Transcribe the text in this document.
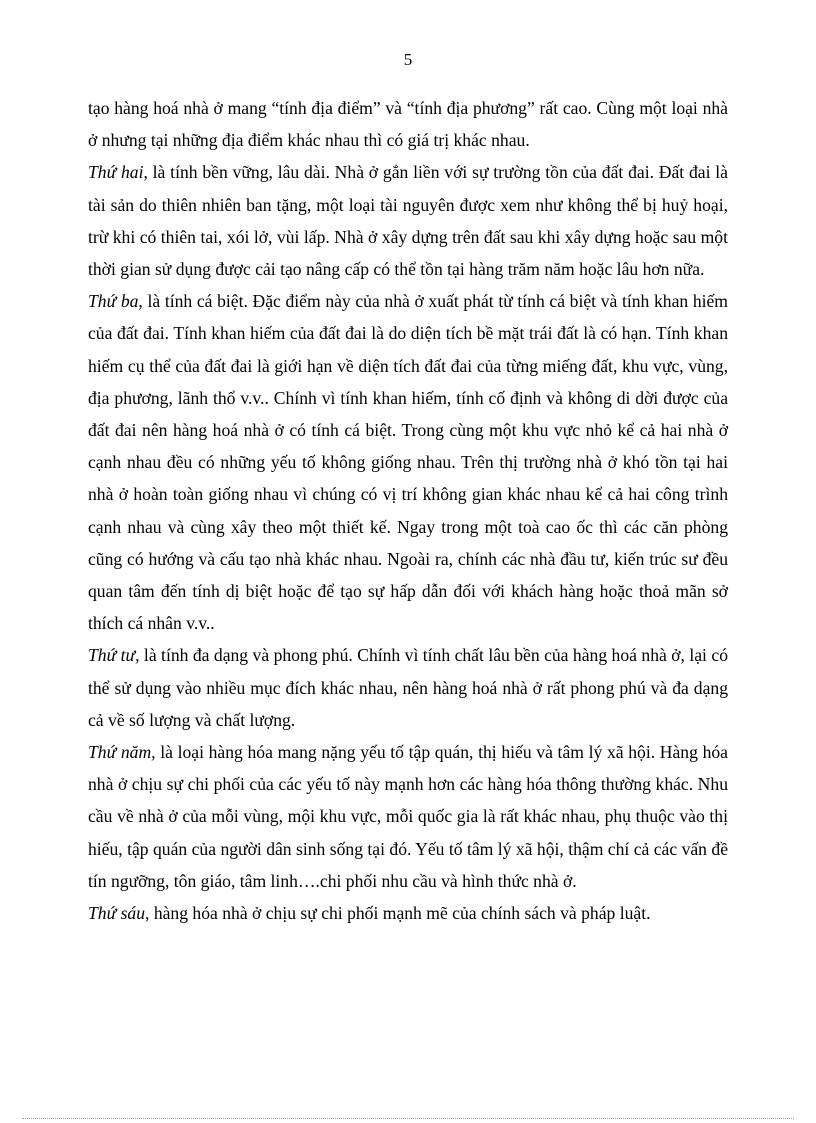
5

tạo hàng hoá nhà ở mang “tính địa điểm” và “tính địa phương” rất cao. Cùng một loại nhà ở nhưng tại những địa điểm khác nhau thì có giá trị khác nhau.

Thứ hai, là tính bền vững, lâu dài. Nhà ở gắn liền với sự trường tồn của đất đai. Đất đai là tài sản do thiên nhiên ban tặng, một loại tài nguyên được xem như không thể bị huỷ hoại, trừ khi có thiên tai, xói lở, vùi lấp. Nhà ở xây dựng trên đất sau khi xây dựng hoặc sau một thời gian sử dụng được cải tạo nâng cấp có thể tồn tại hàng trăm năm hoặc lâu hơn nữa.

Thứ ba, là tính cá biệt. Đặc điểm này của nhà ở xuất phát từ tính cá biệt và tính khan hiếm của đất đai. Tính khan hiếm của đất đai là do diện tích bề mặt trái đất là có hạn. Tính khan hiếm cụ thể của đất đai là giới hạn về diện tích đất đai của từng miếng đất, khu vực, vùng, địa phương, lãnh thổ v.v.. Chính vì tính khan hiếm, tính cố định và không di dời được của đất đai nên hàng hoá nhà ở có tính cá biệt. Trong cùng một khu vực nhỏ kể cả hai nhà ở cạnh nhau đều có những yếu tố không giống nhau. Trên thị trường nhà ở khó tồn tại hai nhà ở hoàn toàn giống nhau vì chúng có vị trí không gian khác nhau kể cả hai công trình cạnh nhau và cùng xây theo một thiết kế. Ngay trong một toà cao ốc thì các căn phòng cũng có hướng và cấu tạo nhà khác nhau. Ngoài ra, chính các nhà đầu tư, kiến trúc sư đều quan tâm đến tính dị biệt hoặc để tạo sự hấp dẫn đối với khách hàng hoặc thoả mãn sở thích cá nhân v.v..

Thứ tư, là tính đa dạng và phong phú. Chính vì tính chất lâu bền của hàng hoá nhà ở, lại có thể sử dụng vào nhiều mục đích khác nhau, nên hàng hoá nhà ở rất phong phú và đa dạng cả về số lượng và chất lượng.

Thứ năm, là loại hàng hóa mang nặng yếu tố tập quán, thị hiếu và tâm lý xã hội. Hàng hóa nhà ở chịu sự chi phối của các yếu tố này mạnh hơn các hàng hóa thông thường khác. Nhu cầu về nhà ở của mỗi vùng, mội khu vực, mỗi quốc gia là rất khác nhau, phụ thuộc vào thị hiếu, tập quán của người dân sinh sống tại đó. Yếu tố tâm lý xã hội, thậm chí cả các vấn đề tín ngưỡng, tôn giáo, tâm linh….chi phối nhu cầu và hình thức nhà ở.

Thứ sáu, hàng hóa nhà ở chịu sự chi phối mạnh mẽ của chính sách và pháp luật.
